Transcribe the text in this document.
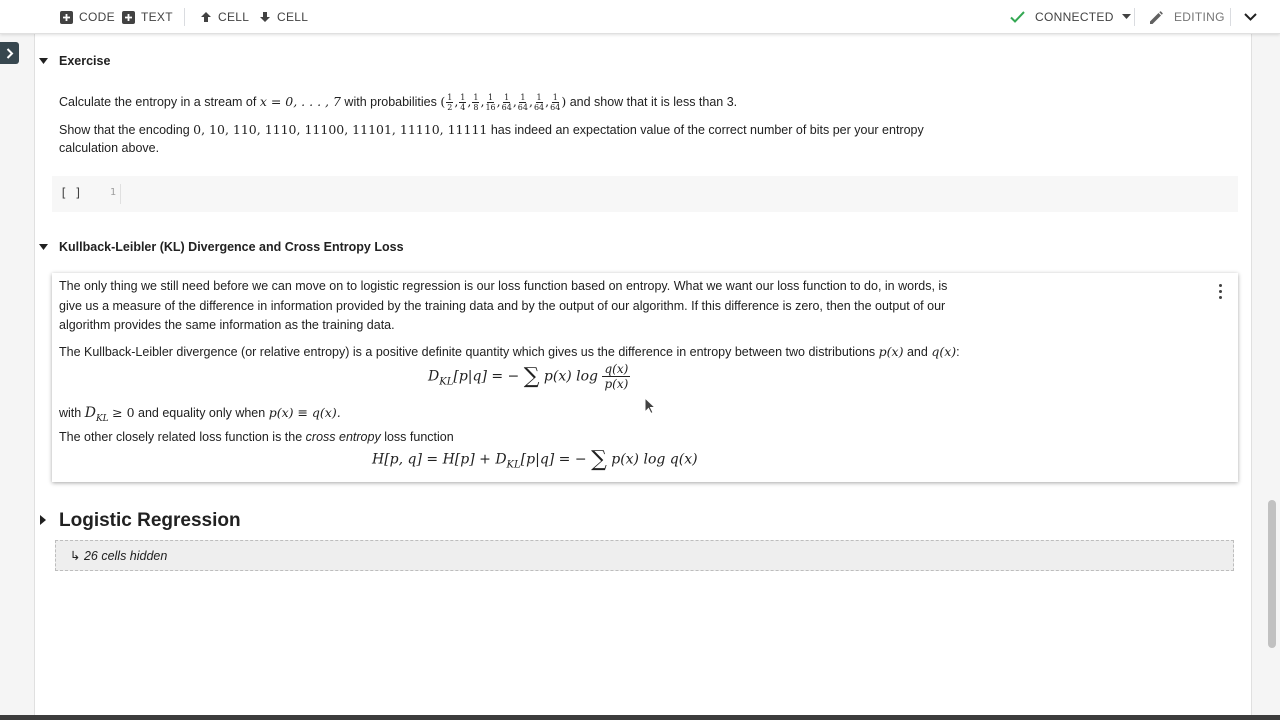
CODE TEXT	CELL CELL	CONNECTED	EDITING
Exercise
Calculate the entropy in a stream of x = 0, . . . , 7 with probabilities ( $\frac{1}{2}$ , $\frac{1}{4}$ , $\frac{1}{8}$ , $\frac{1}{16}$ , $\frac{1}{64}$ , $\frac{1}{64}$ , $\frac{1}{64}$ , $\frac{1}{64}$ ) and show that it is less than 3.
Show that the encoding 0, 10, 110, 1110, 11100, 11101, 11110, 11111 has indeed an expectation value of the correct number of bits per your entropy
calculation above.
[ ]	1
Kullback-Leibler (KL) Divergence and Cross Entropy Loss
The only thing we still need before we can move on to logistic regression is our loss function based on entropy. What we want our loss function to do, in words, is
give us a measure of the difference in information provided by the training data and by the output of our algorithm. If this difference is zero, then the output of our
algorithm provides the same information as the training data.
The Kullback-Leibler divergence (or relative entropy) is a positive definite quantity which gives us the difference in entropy between two distributions p(x) and q(x):
$D_{KL}[p|q]$ = − ∑ p(x) $\log \frac{q(x)}{p(x)}$
with $D_{KL} \ge 0$ and equality only when p(x) ≡ q(x).
The other closely related loss function is the cross entropy loss function
H[p, $q] = H[p] + D_{KL}[p|q]$ = − ∑ p(x) log q(x)
Logistic Regression
↳ 26 cells hidden
